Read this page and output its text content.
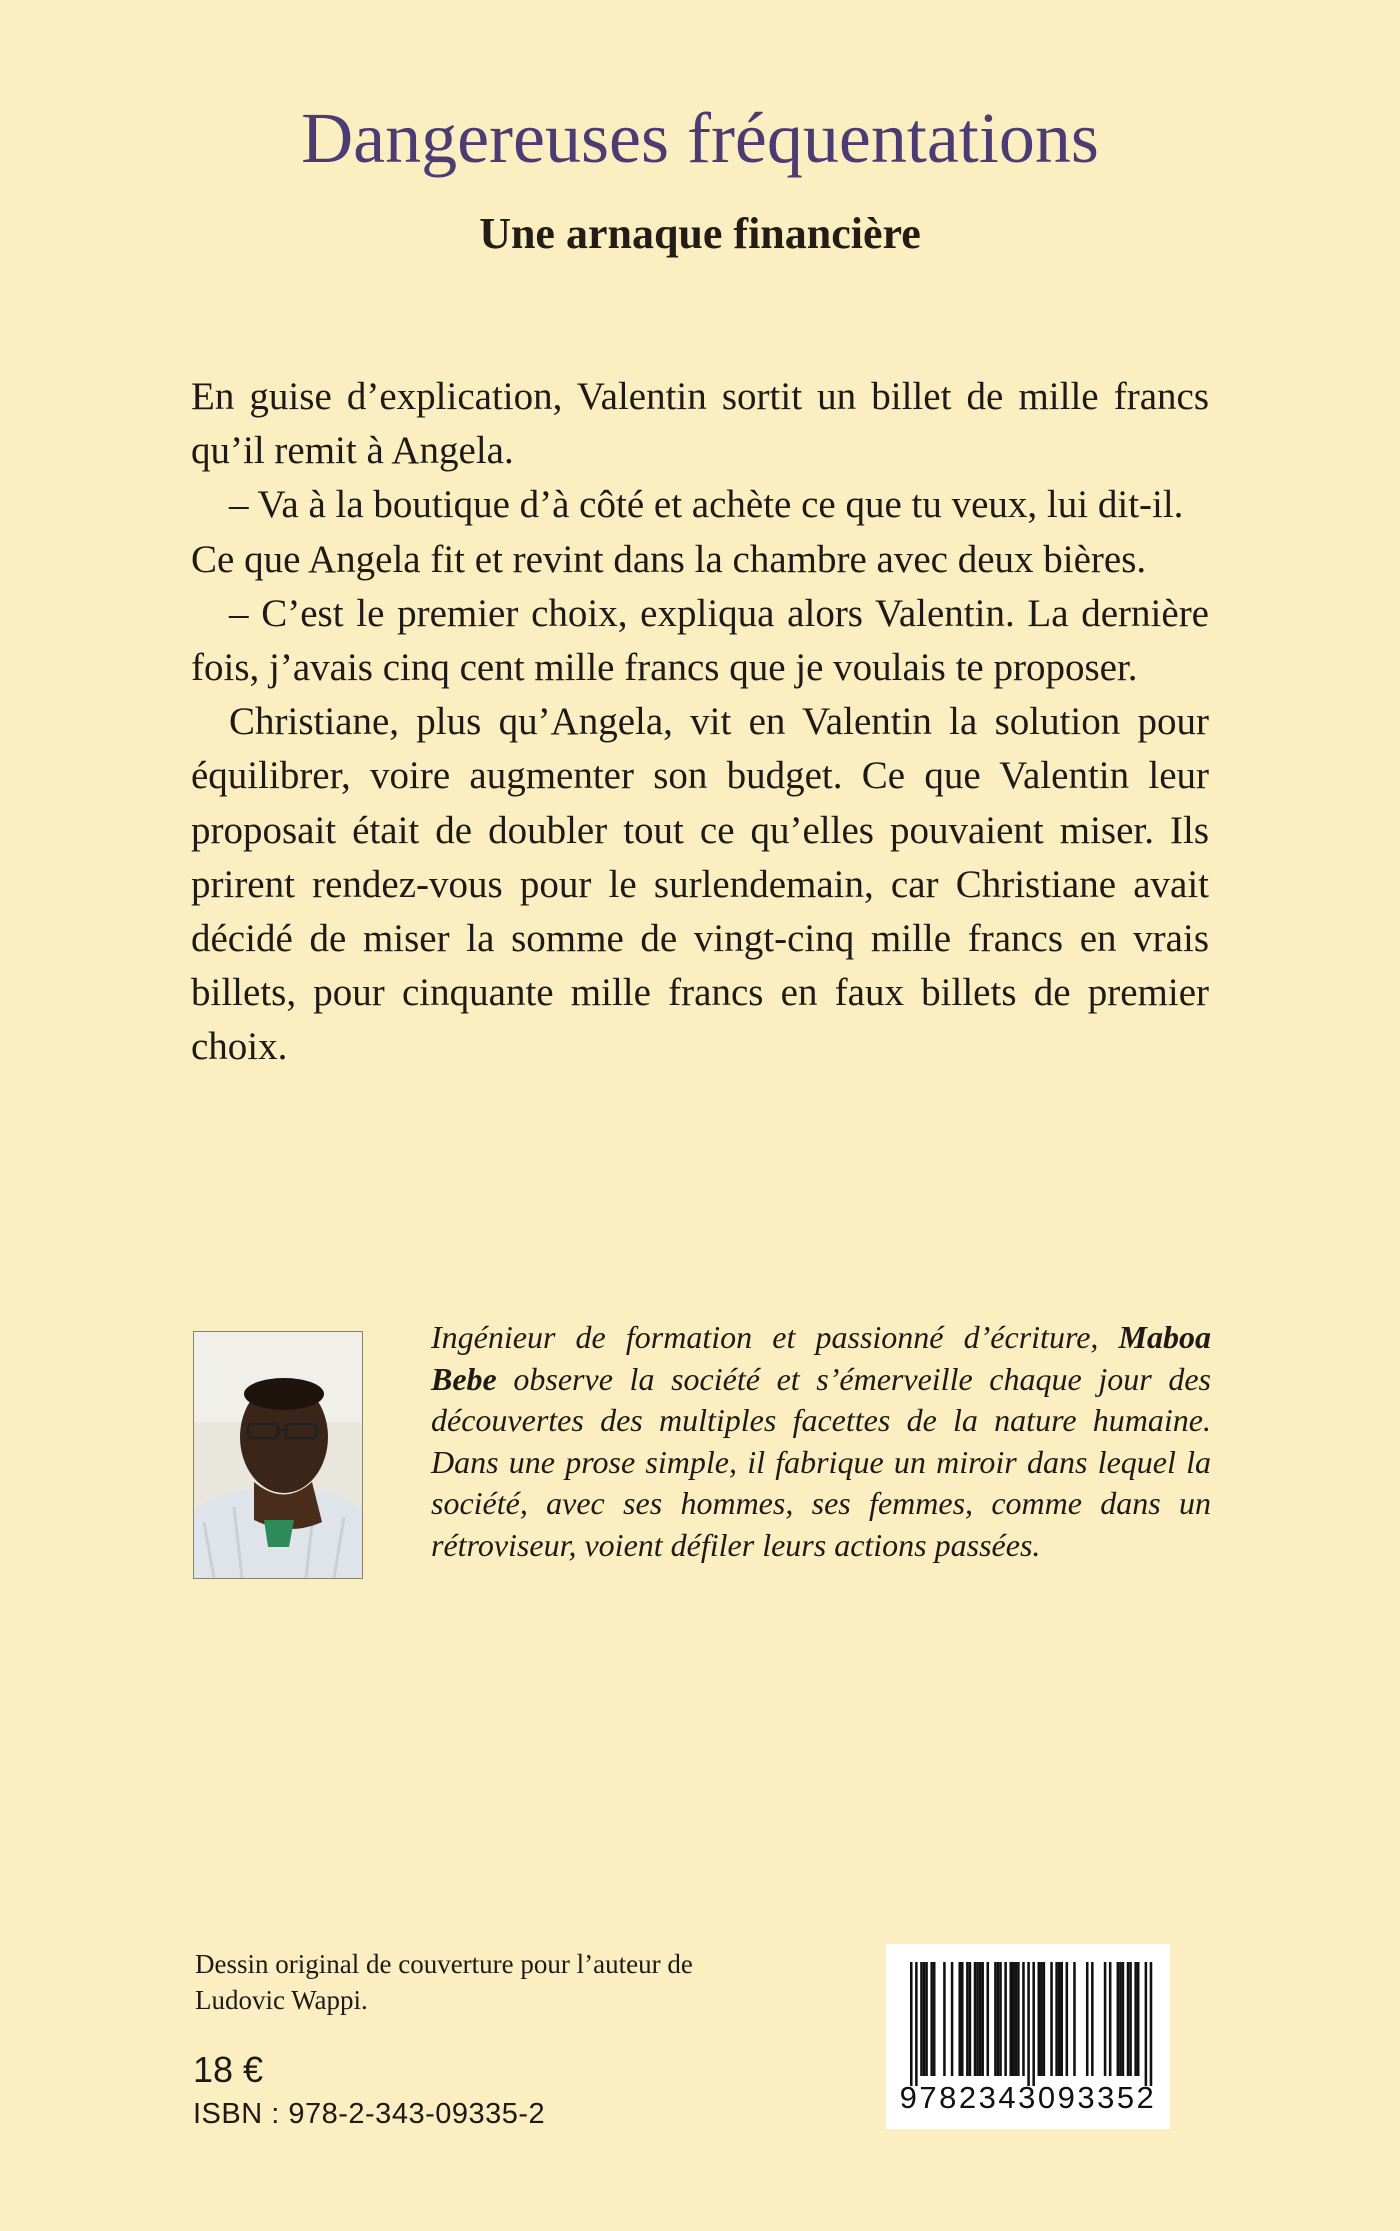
Dangereuses fréquentations
Une arnaque financière

En guise d’explication, Valentin sortit un billet de mille francs qu’il remit à Angela.

– Va à la boutique d’à côté et achète ce que tu veux, lui dit-il.

Ce que Angela fit et revint dans la chambre avec deux bières.

– C’est le premier choix, expliqua alors Valentin. La dernière fois, j’avais cinq cent mille francs que je voulais te proposer.

Christiane, plus qu’Angela, vit en Valentin la solution pour équilibrer, voire augmenter son budget. Ce que Valentin leur proposait était de doubler tout ce qu’elles pouvaient miser. Ils prirent rendez-vous pour le surlendemain, car Christiane avait décidé de miser la somme de vingt-cinq mille francs en vrais billets, pour cinquante mille francs en faux billets de premier choix.

Ingénieur de formation et passionné d’écriture, Maboa Bebe observe la société et s’émerveille chaque jour des découvertes des multiples facettes de la nature humaine. Dans une prose simple, il fabrique un miroir dans lequel la société, avec ses hommes, ses femmes, comme dans un rétroviseur, voient défiler leurs actions passées.
Dessin original de couverture pour l’auteur de Ludovic Wappi.
18 €
ISBN : 978-2-343-09335-2	9782343093352
